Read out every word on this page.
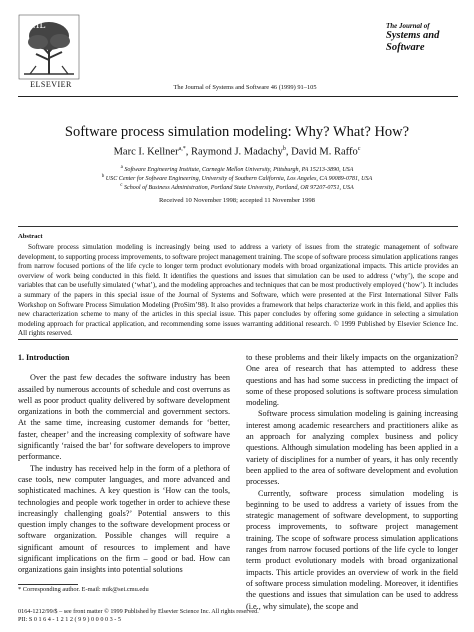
NIL
ELSEVIER	The Journal of Systems and Software 46 (1999) 91–105
The Journal of
Systems and
Software
Software process simulation modeling: Why? What? How?
Marc I. Kellner$^{a,*}$, Raymond J. Madachy$^b$, David M. Raffo$^c$
$^a$ Software Engineering Institute, Carnegie Mellon University, Pittsburgh, PA 15213-3890, USA
$^b$ USC Center for Software Engineering, University of Southern California, Los Angeles, CA 90089-0781, USA
$^c$ School of Business Administration, Portland State University, Portland, OR 97207-0751, USA
Received 10 November 1998; accepted 11 November 1998
Abstract

Software process simulation modeling is increasingly being used to address a variety of issues from the strategic management of software development, to supporting process improvements, to software project management training. The scope of software process simulation applications ranges from narrow focused portions of the life cycle to longer term product evolutionary models with broad organizational impacts. This article provides an overview of work being conducted in this field. It identifies the questions and issues that simulation can be used to address (‘why’), the scope and variables that can be usefully simulated (‘what’), and the modeling approaches and techniques that can be most productively employed (‘how’). It includes a summary of the papers in this special issue of the Journal of Systems and Software, which were presented at the First International Silver Falls Workshop on Software Process Simulation Modeling (ProSim’98). It also provides a framework that helps characterize work in this field, and applies this new characterization scheme to many of the articles in this special issue. This paper concludes by offering some guidance in selecting a simulation modeling approach for practical application, and recommending some issues warranting additional research. © 1999 Published by Elsevier Science Inc. All rights reserved.

1. Introduction

Over the past few decades the software industry has been assailed by numerous accounts of schedule and cost overruns as well as poor product quality delivered by software development organizations in both the commercial and government sectors. At the same time, increasing customer demands for ‘better, faster, cheaper’ and the increasing complexity of software have significantly ‘raised the bar’ for software developers to improve performance.

The industry has received help in the form of a plethora of case tools, new computer languages, and more advanced and sophisticated machines. A key question is ‘How can the tools, technologies and people work together in order to achieve these increasingly challenging goals?’ Potential answers to this question imply changes to the software development process or software organization. Possible changes will require a significant amount of resources to implement and have significant implications on the firm – good or bad. How can organizations gain insights into potential solutions

to these problems and their likely impacts on the organization? One area of research that has attempted to address these questions and has had some success in predicting the impact of some of these proposed solutions is software process simulation modeling.

Software process simulation modeling is gaining increasing interest among academic researchers and practitioners alike as an approach for analyzing complex business and policy questions. Although simulation modeling has been applied in a variety of disciplines for a number of years, it has only recently been applied to the area of software development and evolution processes.

Currently, software process simulation modeling is beginning to be used to address a variety of issues from the strategic management of software development, to supporting process improvements, to software project management training. The scope of software process simulation applications ranges from narrow focused portions of the life cycle to longer term product evolutionary models with broad organizational impacts. This article provides an overview of work in the field of software process simulation modeling. Moreover, it identifies the questions and issues that simulation can be used to address (i.e., why simulate), the scope and

* Corresponding author. E-mail: mik@sei.cmu.edu
0164-1212/99/$ – see front matter © 1999 Published by Elsevier Science Inc. All rights reserved.
PII: S 0 1 6 4 - 1 2 1 2 ( 9 9 ) 0 0 0 0 3 - 5
